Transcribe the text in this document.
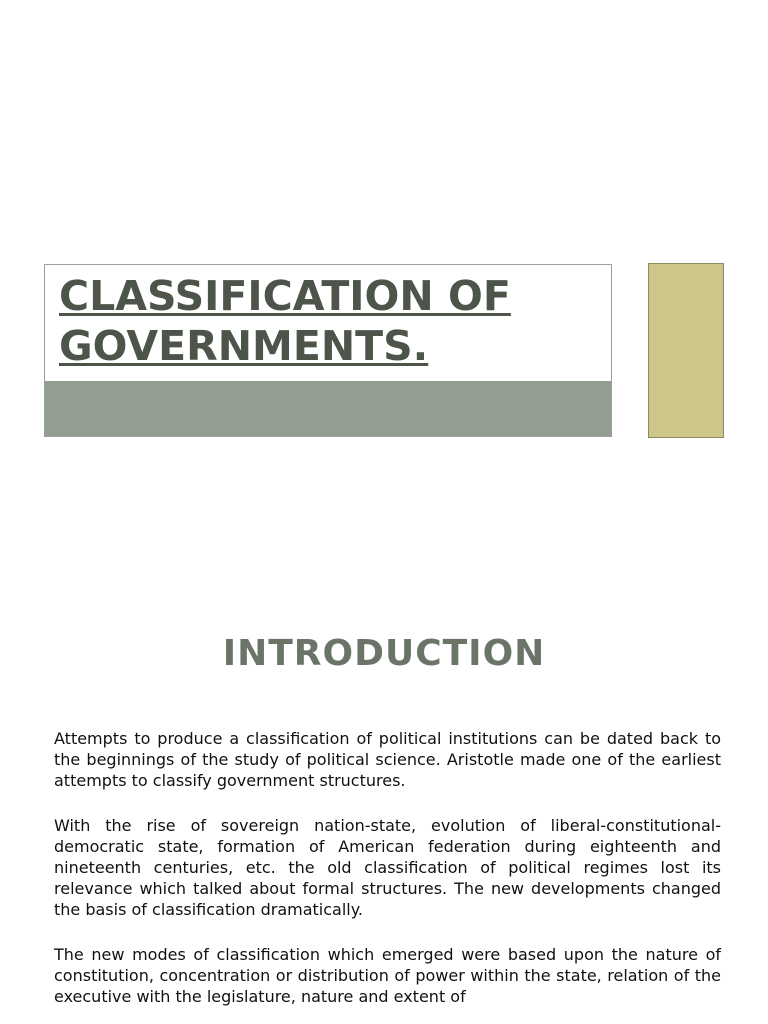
CLASSIFICATION OF GOVERNMENTS.
INTRODUCTION

Attempts to produce a classification of political institutions can be dated back to the beginnings of the study of political science. Aristotle made one of the earliest attempts to classify government structures.

With the rise of sovereign nation-state, evolution of liberal-constitutional-democratic state, formation of American federation during eighteenth and nineteenth centuries, etc. the old classification of political regimes lost its relevance which talked about formal structures. The new developments changed the basis of classification dramatically.

The new modes of classification which emerged were based upon the nature of constitution, concentration or distribution of power within the state, relation of the executive with the legislature, nature and extent of
